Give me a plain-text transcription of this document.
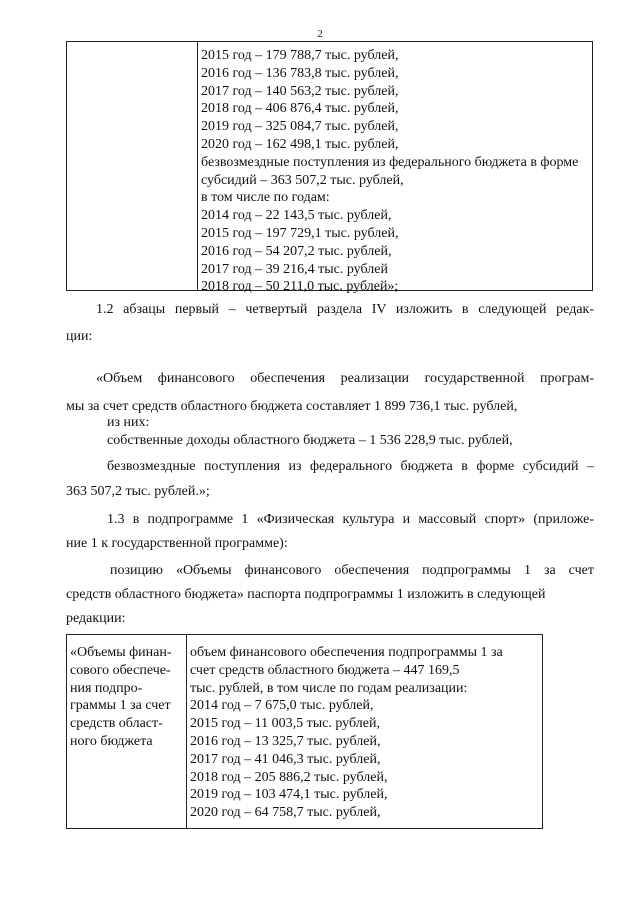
2
2015 год – 179 788,7 тыс. рублей,
2016 год – 136 783,8 тыс. рублей,
2017 год – 140 563,2 тыс. рублей,
2018 год – 406 876,4 тыс. рублей,
2019 год – 325 084,7 тыс. рублей,
2020 год – 162 498,1 тыс. рублей,
безвозмездные поступления из федерального бюджета в форме
субсидий – 363 507,2 тыс. рублей,
в том числе по годам:
2014 год – 22 143,5 тыс. рублей,
2015 год – 197 729,1 тыс. рублей,
2016 год – 54 207,2 тыс. рублей,
2017 год – 39 216,4 тыс. рублей
2018 год – 50 211,0 тыс. рублей»;
1.2 абзацы первый – четвертый раздела IV изложить в следующей редак-
ции:
«Объем финансового обеспечения реализации государственной програм-
мы за счет средств областного бюджета составляет 1 899 736,1 тыс. рублей,
из них:
собственные доходы областного бюджета – 1 536 228,9 тыс. рублей,
безвозмездные поступления из федерального бюджета в форме субсидий –
363 507,2 тыс. рублей.»;
1.3 в подпрограмме 1 «Физическая культура и массовый спорт» (приложе-
ние 1 к государственной программе):
позицию «Объемы финансового обеспечения подпрограммы 1 за счет
средств областного бюджета» паспорта подпрограммы 1 изложить в следующей
редакции:
«Объемы финан-
сового обеспече-
ния подпро-
граммы 1 за счет
средств област-
ного бюджета
объем финансового обеспечения подпрограммы 1 за
счет средств областного бюджета – 447 169,5
тыс. рублей, в том числе по годам реализации:
2014 год – 7 675,0 тыс. рублей,
2015 год – 11 003,5 тыс. рублей,
2016 год – 13 325,7 тыс. рублей,
2017 год – 41 046,3 тыс. рублей,
2018 год – 205 886,2 тыс. рублей,
2019 год – 103 474,1 тыс. рублей,
2020 год – 64 758,7 тыс. рублей,
